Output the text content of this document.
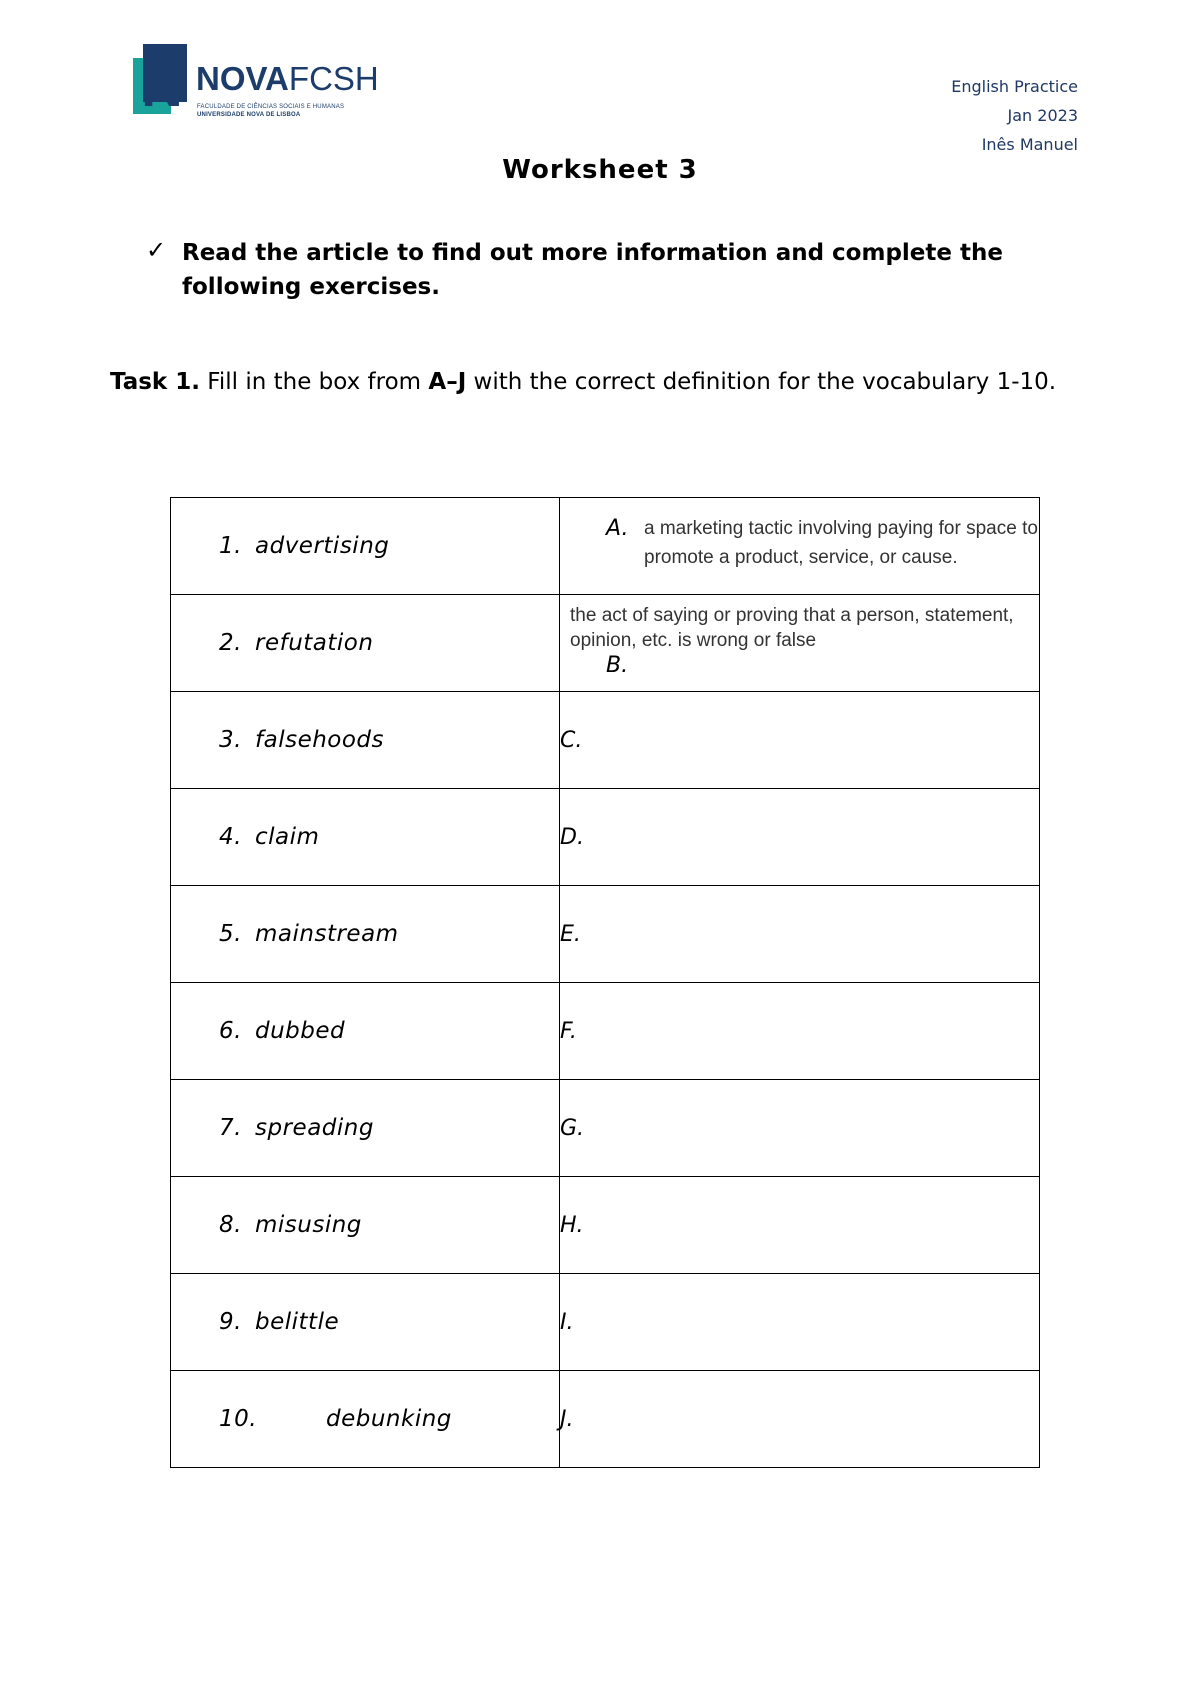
N NOVAFCSH
FACULDADE DE CIÊNCIAS SOCIAIS E HUMANAS
UNIVERSIDADE NOVA DE LISBOA
English Practice
Jan 2023
Inês Manuel
Worksheet 3
✓ Read the article to find out more information and complete the following exercises.
Task 1. Fill in the box from A–J with the correct definition for the vocabulary 1-10.
1. advertising	A. a marketing tactic involving paying for space to promote a product, service, or cause.

2. refutation	the act of saying or proving that a person, statement, opinion, etc. is wrong or false
B.

3. falsehoods	C.
4. claim	D.
5. mainstream	E.
6. dubbed	F.
7. spreading	G.
8. misusing	H.
9. belittle	I.
10. debunking	J.
